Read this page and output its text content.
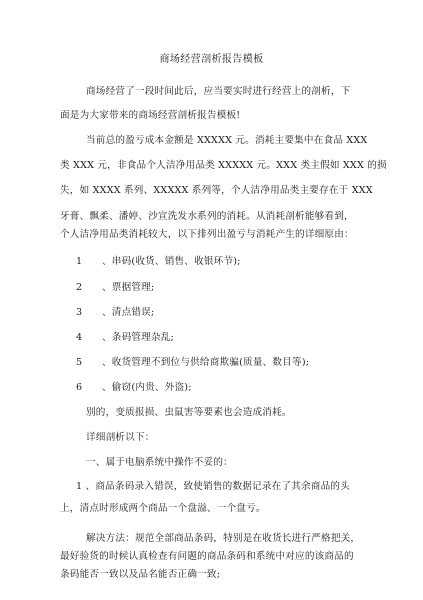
商场经营剖析报告模板
商场经营了一段时间此后，应当要实时进行经营上的剖析，下
面是为大家带来的商场经营剖析报告模板!
当前总的盈亏成本金额是 XXXXX 元。消耗主要集中在食品 XXX
类 XXX 元，非食品个人洁净用品类 XXXXX 元。XXX 类主假如 XXX 的损
失，如 XXXX 系列、XXXXX 系列等，个人洁净用品类主要存在于 XXX
牙膏、飘柔、潘婷、沙宣洗发水系列的消耗。从消耗剖析能够看到，
个人洁净用品类消耗较大，以下排列出盈亏与消耗产生的详细原由：
1 、串码(收货、销售、收银环节);
2 、票据管理;
3 、清点错误;
4 、条码管理杂乱;
5 、收货管理不到位与供给商欺骗(质量、数目等);
6 、偷窃(内贵、外盗);
别的，变质报损、虫鼠害等要素也会造成消耗。
详细剖析以下：
一、属于电脑系统中操作不妥的：
1 、商品条码录入错误，致使销售的数据记录在了其余商品的头
上，清点时形成两个商品一个盘溢、一个盘亏。
解决方法：规范全部商品条码，特别是在收货长进行严格把关，
最好验货的时候认真检查有问题的商品条码和系统中对应的该商品的
条码能否一致以及品名能否正确一致;
